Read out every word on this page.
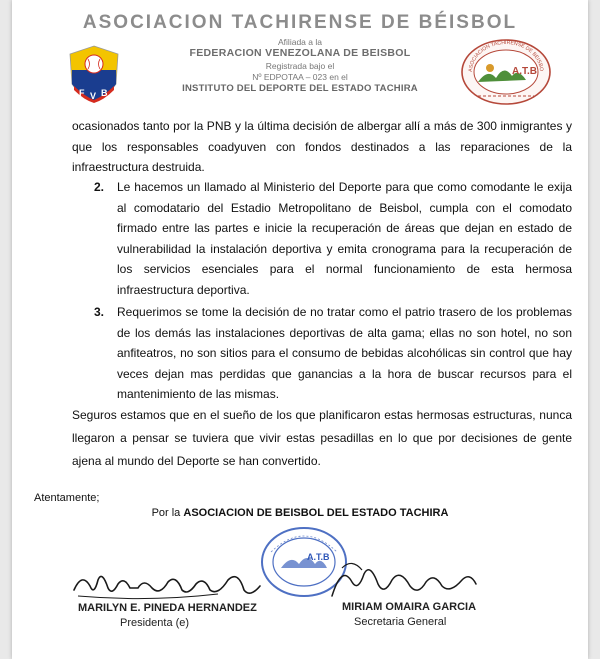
ASOCIACION TACHIRENSE DE BÉISBOL
Afiliada a la
FEDERACION VENEZOLANA DE BEISBOL
Registrada bajo el
Nº EDPOTAA – 023 en el
INSTITUTO DEL DEPORTE DEL ESTADO TACHIRA
F V B
ASOCIACION TACHIRENSE DE BEISBO
A.T.B
ocasionados tanto por la PNB y la última decisión de albergar allí a más de 300 inmigrantes y que los responsables coadyuven con fondos destinados a las reparaciones de la infraestructura destruida.
2. Le hacemos un llamado al Ministerio del Deporte para que como comodante le exija al comodatario del Estadio Metropolitano de Beisbol, cumpla con el comodato firmado entre las partes e inicie la recuperación de áreas que dejan en estado de vulnerabilidad la instalación deportiva y emita cronograma para la recuperación de los servicios esenciales para el normal funcionamiento de esta hermosa infraestructura deportiva.
3. Requerimos se tome la decisión de no tratar como el patrio trasero de los problemas de los demás las instalaciones deportivas de alta gama; ellas no son hotel, no son anfiteatros, no son sitios para el consumo de bebidas alcohólicas sin control que hay veces dejan mas perdidas que ganancias a la hora de buscar recursos para el mantenimiento de las mismas.
Seguros estamos que en el sueño de los que planificaron estas hermosas estructuras, nunca llegaron a pensar se tuviera que vivir estas pesadillas en lo que por decisiones de gente ajena al mundo del Deporte se han convertido.
Atentamente;
Por la ASOCIACION DE BEISBOL DEL ESTADO TACHIRA
A.T.B
MARILYN E. PINEDA HERNANDEZ
Presidenta (e)
MIRIAM OMAIRA GARCIA
Secretaria General
